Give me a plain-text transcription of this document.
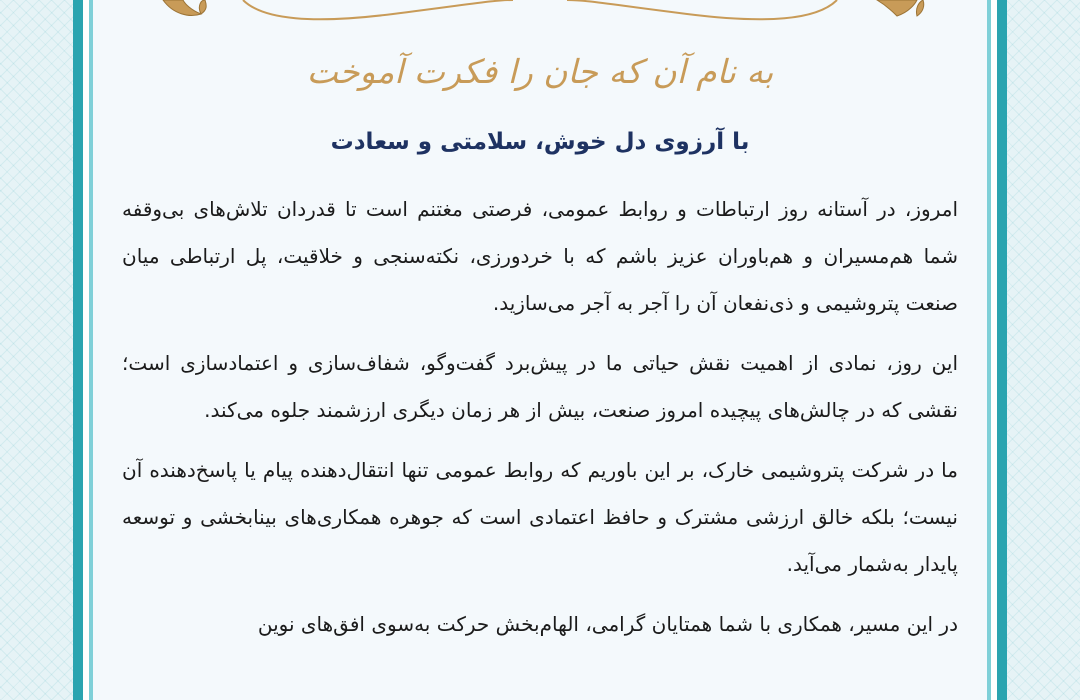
به نام آن که جان را فکرت آموخت
با آرزوی دل خوش، سلامتی و سعادت

امروز، در آستانه روز ارتباطات و روابط عمومی، فرصتی مغتنم است تا قدردان تلاش‌های بی‌وقفه شما هم‌مسیران و هم‌باوران عزیز باشم که با خردورزی، نکته‌سنجی و خلاقیت، پل ارتباطی میان صنعت پتروشیمی و ذی‌نفعان آن را آجر به آجر می‌سازید.

این روز، نمادی از اهمیت نقش حیاتی ما در پیش‌برد گفت‌وگو، شفاف‌سازی و اعتمادسازی است؛ نقشی که در چالش‌های پیچیده امروز صنعت، بیش از هر زمان دیگری ارزشمند جلوه می‌کند.

ما در شرکت پتروشیمی خارک، بر این باوریم که روابط عمومی تنها انتقال‌دهنده پیام یا پاسخ‌دهنده آن نیست؛ بلکه خالق ارزشی مشترک و حافظ اعتمادی است که جوهره همکاری‌های بینابخشی و توسعه پایدار به‌شمار می‌آید.

در این مسیر، همکاری با شما همتایان گرامی، الهام‌بخش حرکت به‌سوی افق‌های نوین
